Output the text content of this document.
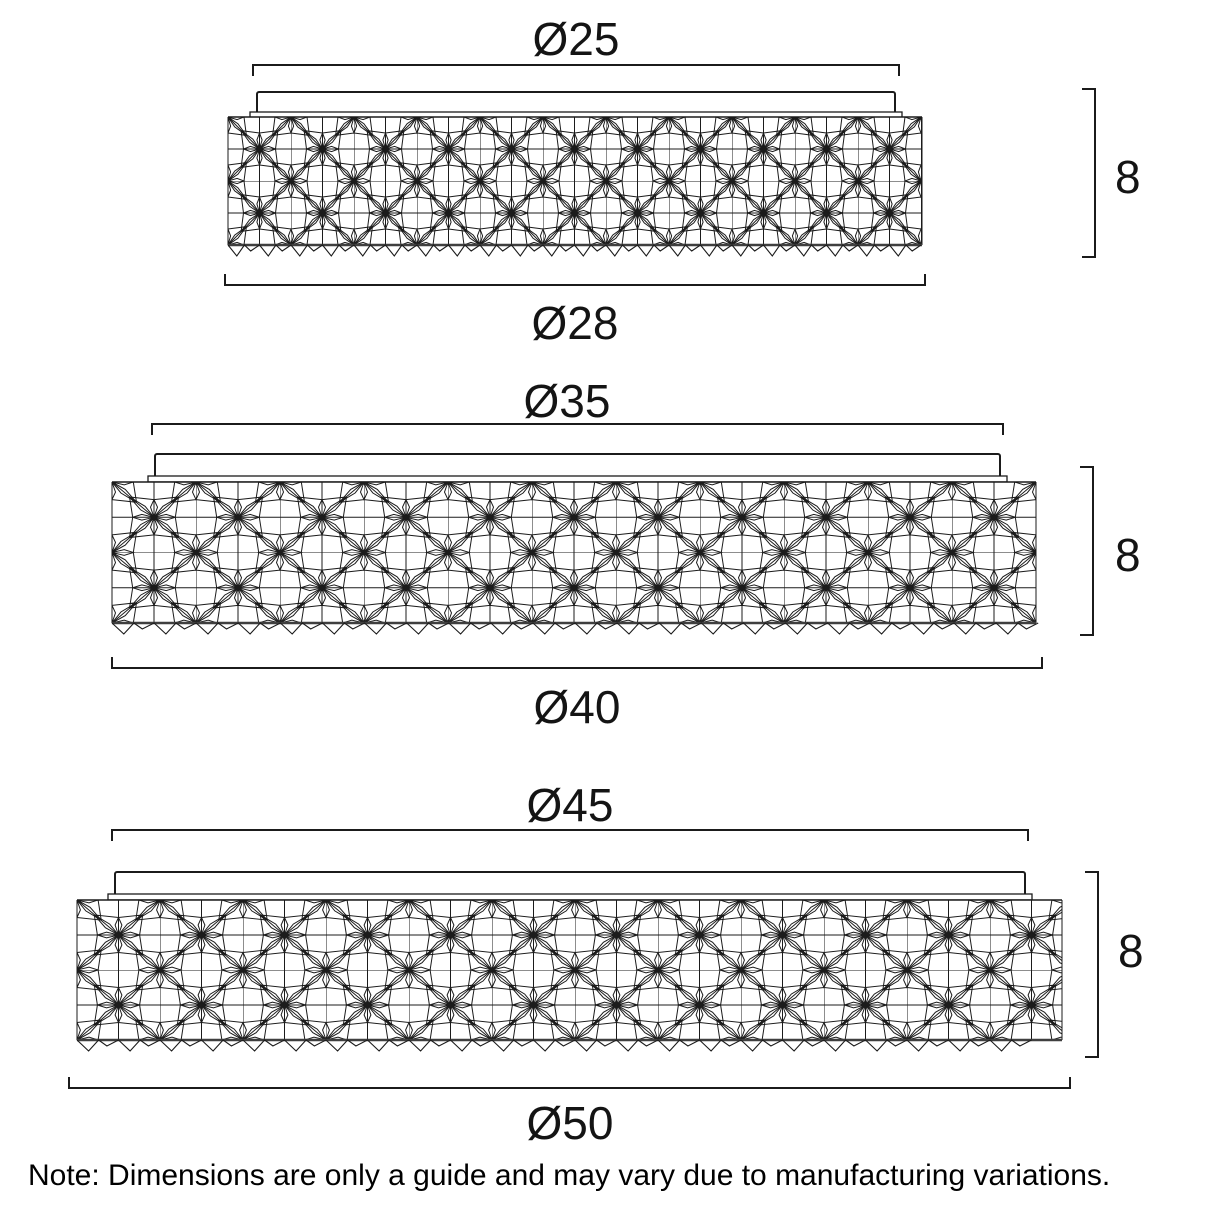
Ø25
Ø28
8
Ø35
Ø40
8
Ø45
Ø50
8
Note: Dimensions are only a guide and may vary due to manufacturing variations.
